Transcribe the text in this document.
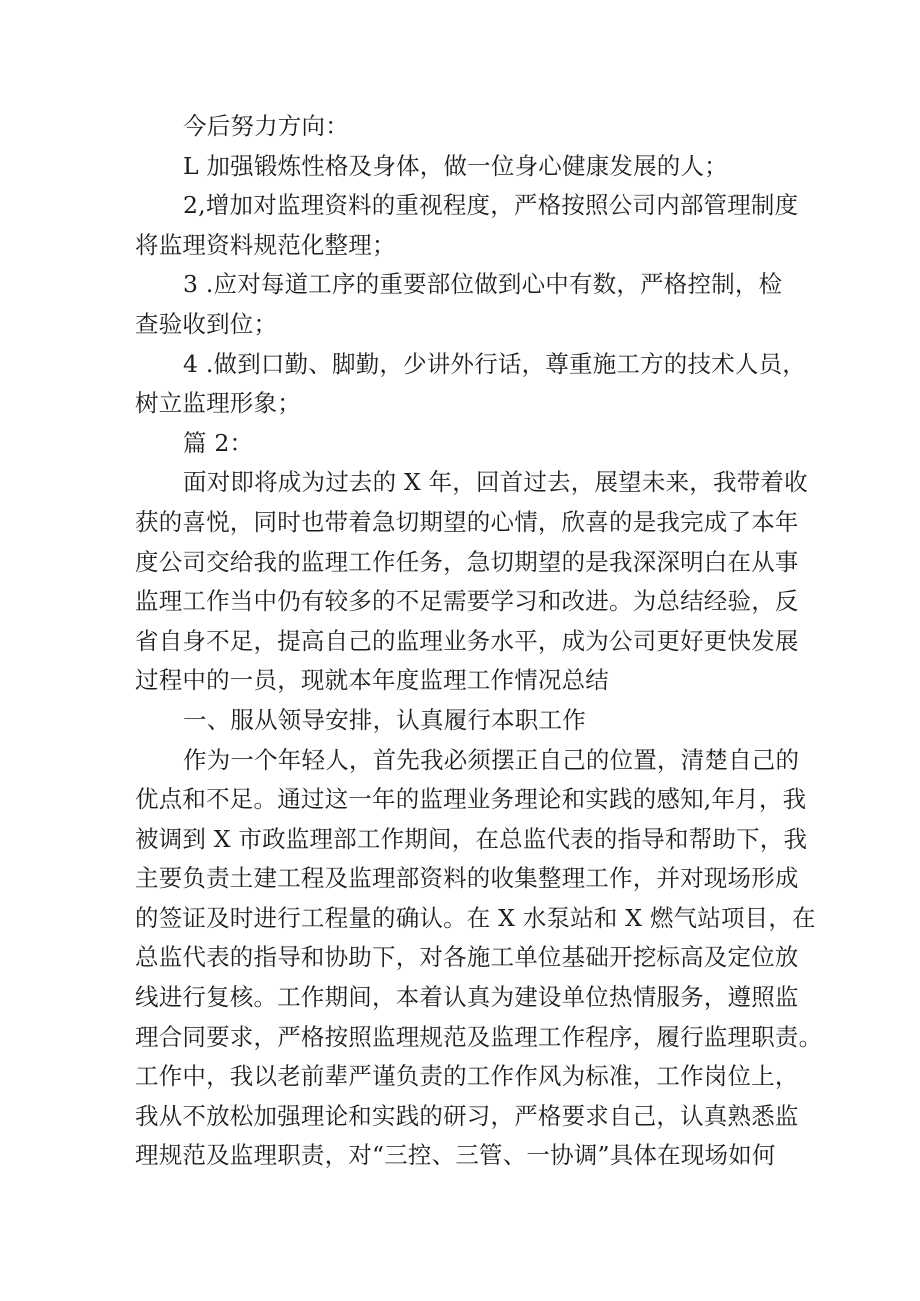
今后努力方向：

L 加强锻炼性格及身体，做一位身心健康发展的人；

2,增加对监理资料的重视程度，严格按照公司内部管理制度
将监理资料规范化整理；

3 .应对每道工序的重要部位做到心中有数，严格控制，检
查验收到位；

4 .做到口勤、脚勤，少讲外行话，尊重施工方的技术人员，
树立监理形象；

篇 2：

面对即将成为过去的 X 年，回首过去，展望未来，我带着收
获的喜悦，同时也带着急切期望的心情，欣喜的是我完成了本年
度公司交给我的监理工作任务，急切期望的是我深深明白在从事
监理工作当中仍有较多的不足需要学习和改进。为总结经验，反
省自身不足，提高自己的监理业务水平，成为公司更好更快发展
过程中的一员，现就本年度监理工作情况总结

一、服从领导安排，认真履行本职工作

作为一个年轻人，首先我必须摆正自己的位置，清楚自己的
优点和不足。通过这一年的监理业务理论和实践的感知,年月，我
被调到 X 市政监理部工作期间，在总监代表的指导和帮助下，我
主要负责土建工程及监理部资料的收集整理工作，并对现场形成
的签证及时进行工程量的确认。在 X 水泵站和 X 燃气站项目，在
总监代表的指导和协助下，对各施工单位基础开挖标高及定位放
线进行复核。工作期间，本着认真为建设单位热情服务，遵照监
理合同要求，严格按照监理规范及监理工作程序，履行监理职责。
工作中，我以老前辈严谨负责的工作作风为标准，工作岗位上，
我从不放松加强理论和实践的研习，严格要求自己，认真熟悉监
理规范及监理职责，对“三控、三管、一协调”具体在现场如何
